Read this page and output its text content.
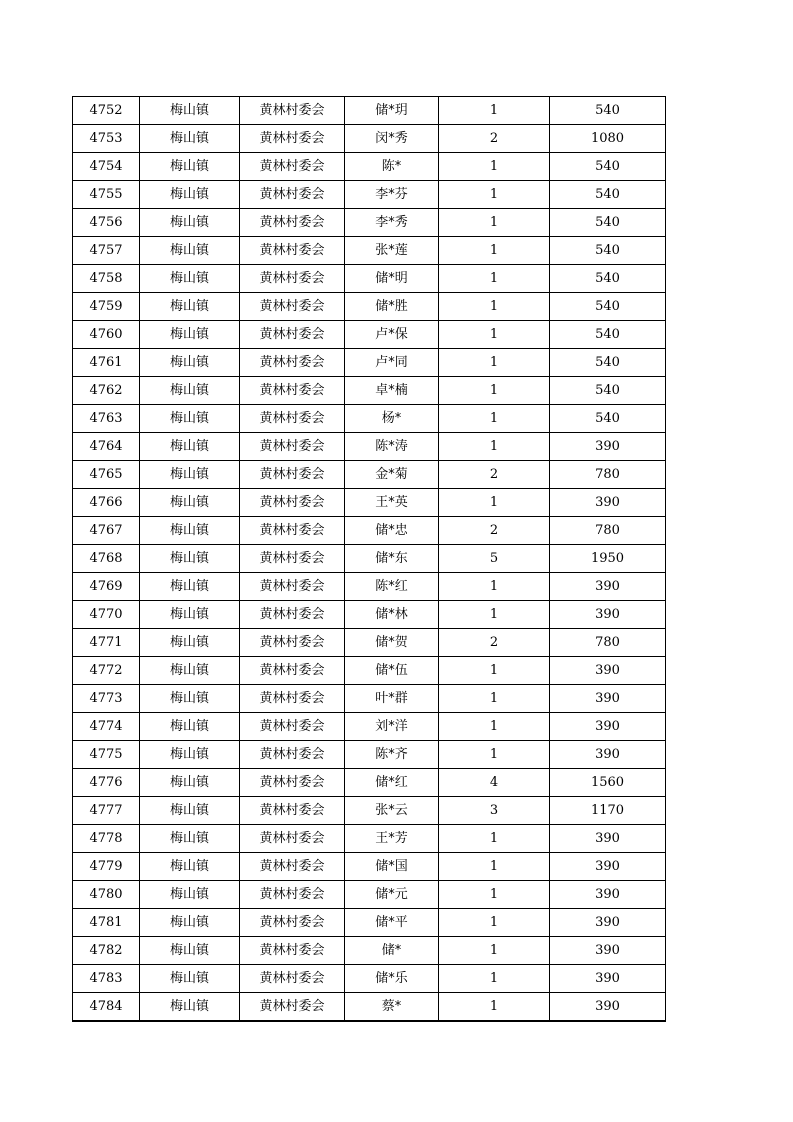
4752	梅山镇	黄林村委会	储*玥	1	540
4753	梅山镇	黄林村委会	闵*秀	2	1080
4754	梅山镇	黄林村委会	陈*	1	540
4755	梅山镇	黄林村委会	李*芬	1	540
4756	梅山镇	黄林村委会	李*秀	1	540
4757	梅山镇	黄林村委会	张*莲	1	540
4758	梅山镇	黄林村委会	储*明	1	540
4759	梅山镇	黄林村委会	储*胜	1	540
4760	梅山镇	黄林村委会	卢*保	1	540
4761	梅山镇	黄林村委会	卢*同	1	540
4762	梅山镇	黄林村委会	卓*楠	1	540
4763	梅山镇	黄林村委会	杨*	1	540
4764	梅山镇	黄林村委会	陈*涛	1	390
4765	梅山镇	黄林村委会	金*菊	2	780
4766	梅山镇	黄林村委会	王*英	1	390
4767	梅山镇	黄林村委会	储*忠	2	780
4768	梅山镇	黄林村委会	储*东	5	1950
4769	梅山镇	黄林村委会	陈*红	1	390
4770	梅山镇	黄林村委会	储*林	1	390
4771	梅山镇	黄林村委会	储*贺	2	780
4772	梅山镇	黄林村委会	储*伍	1	390
4773	梅山镇	黄林村委会	叶*群	1	390
4774	梅山镇	黄林村委会	刘*洋	1	390
4775	梅山镇	黄林村委会	陈*齐	1	390
4776	梅山镇	黄林村委会	储*红	4	1560
4777	梅山镇	黄林村委会	张*云	3	1170
4778	梅山镇	黄林村委会	王*芳	1	390
4779	梅山镇	黄林村委会	储*国	1	390
4780	梅山镇	黄林村委会	储*元	1	390
4781	梅山镇	黄林村委会	储*平	1	390
4782	梅山镇	黄林村委会	储*	1	390
4783	梅山镇	黄林村委会	储*乐	1	390
4784	梅山镇	黄林村委会	蔡*	1	390
